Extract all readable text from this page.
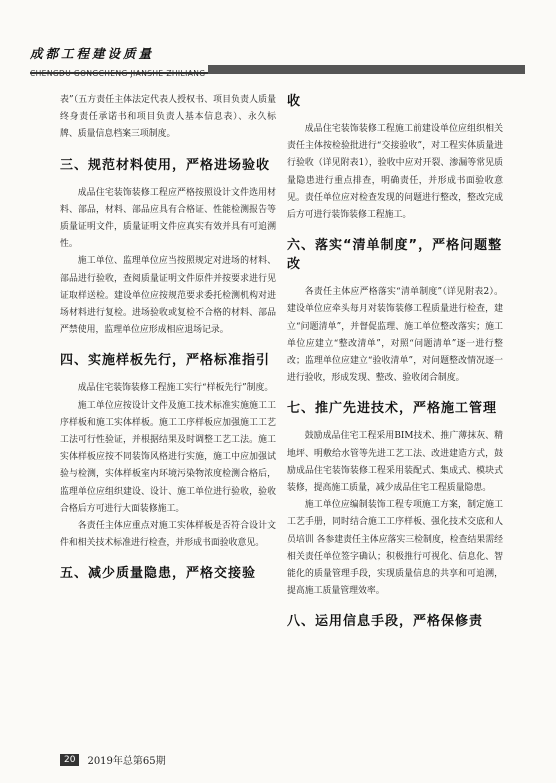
成都工程建设质量

表”（五方责任主体法定代表人授权书、项目负责人质量终身责任承诺书和项目负责人基本信息表）、永久标牌、质量信息档案三项制度。

三、规范材料使用，严格进场验收

成品住宅装饰装修工程应严格按照设计文件选用材料、部品，材料、部品应具有合格证、性能检测报告等质量证明文件，质量证明文件应真实有效并具有可追溯性。

施工单位、监理单位应当按照规定对进场的材料、部品进行验收，查阅质量证明文件原件并按要求进行见证取样送检。建设单位应按规范要求委托检测机构对进场材料进行复检。进场验收或复检不合格的材料、部品严禁使用，监理单位应形成相应退场记录。

四、实施样板先行，严格标准指引

成品住宅装饰装修工程施工实行“样板先行”制度。

施工单位应按设计文件及施工技术标准实施施工工序样板和施工实体样板。施工工序样板应加强施工工艺工法可行性验证，并根据结果及时调整工艺工法。施工实体样板应按不同装饰风格进行实施，施工中应加强试验与检测，实体样板室内环境污染物浓度检测合格后，监理单位应组织建设、设计、施工单位进行验收，验收合格后方可进行大面装修施工。

各责任主体应重点对施工实体样板是否符合设计文件和相关技术标准进行检查，并形成书面验收意见。

五、减少质量隐患，严格交接验
收

成品住宅装饰装修工程施工前建设单位应组织相关责任主体按检验批进行“交接验收”，对工程实体质量进行验收（详见附表1），验收中应对开裂、渗漏等常见质量隐患进行重点排查，明确责任，并形成书面验收意见。责任单位应对检查发现的问题进行整改，整改完成后方可进行装饰装修工程施工。

六、落实“清单制度”，严格问题整改

各责任主体应严格落实“清单制度”（详见附表2）。建设单位应牵头每月对装饰装修工程质量进行检查，建立“问题清单”，并督促监理、施工单位整改落实；施工单位应建立“整改清单”，对照“问题清单”逐一进行整改；监理单位应建立“验收清单”，对问题整改情况逐一进行验收，形成发现、整改、验收闭合制度。

七、推广先进技术，严格施工管理

鼓励成品住宅工程采用BIM技术、推广薄抹灰、精地坪、明敷给水管等先进工艺工法、改进建造方式，鼓励成品住宅装饰装修工程采用装配式、集成式、模块式装修，提高施工质量，减少成品住宅工程质量隐患。

施工单位应编制装饰工程专项施工方案，制定施工工艺手册，同时结合施工工序样板、强化技术交底和人员培训 各参建责任主体应落实三检制度，检查结果需经相关责任单位签字确认；积极推行可视化、信息化、智能化的质量管理手段，实现质量信息的共享和可追溯，提高施工质量管理效率。

八、运用信息手段，严格保修责
20	2019年总第65期
